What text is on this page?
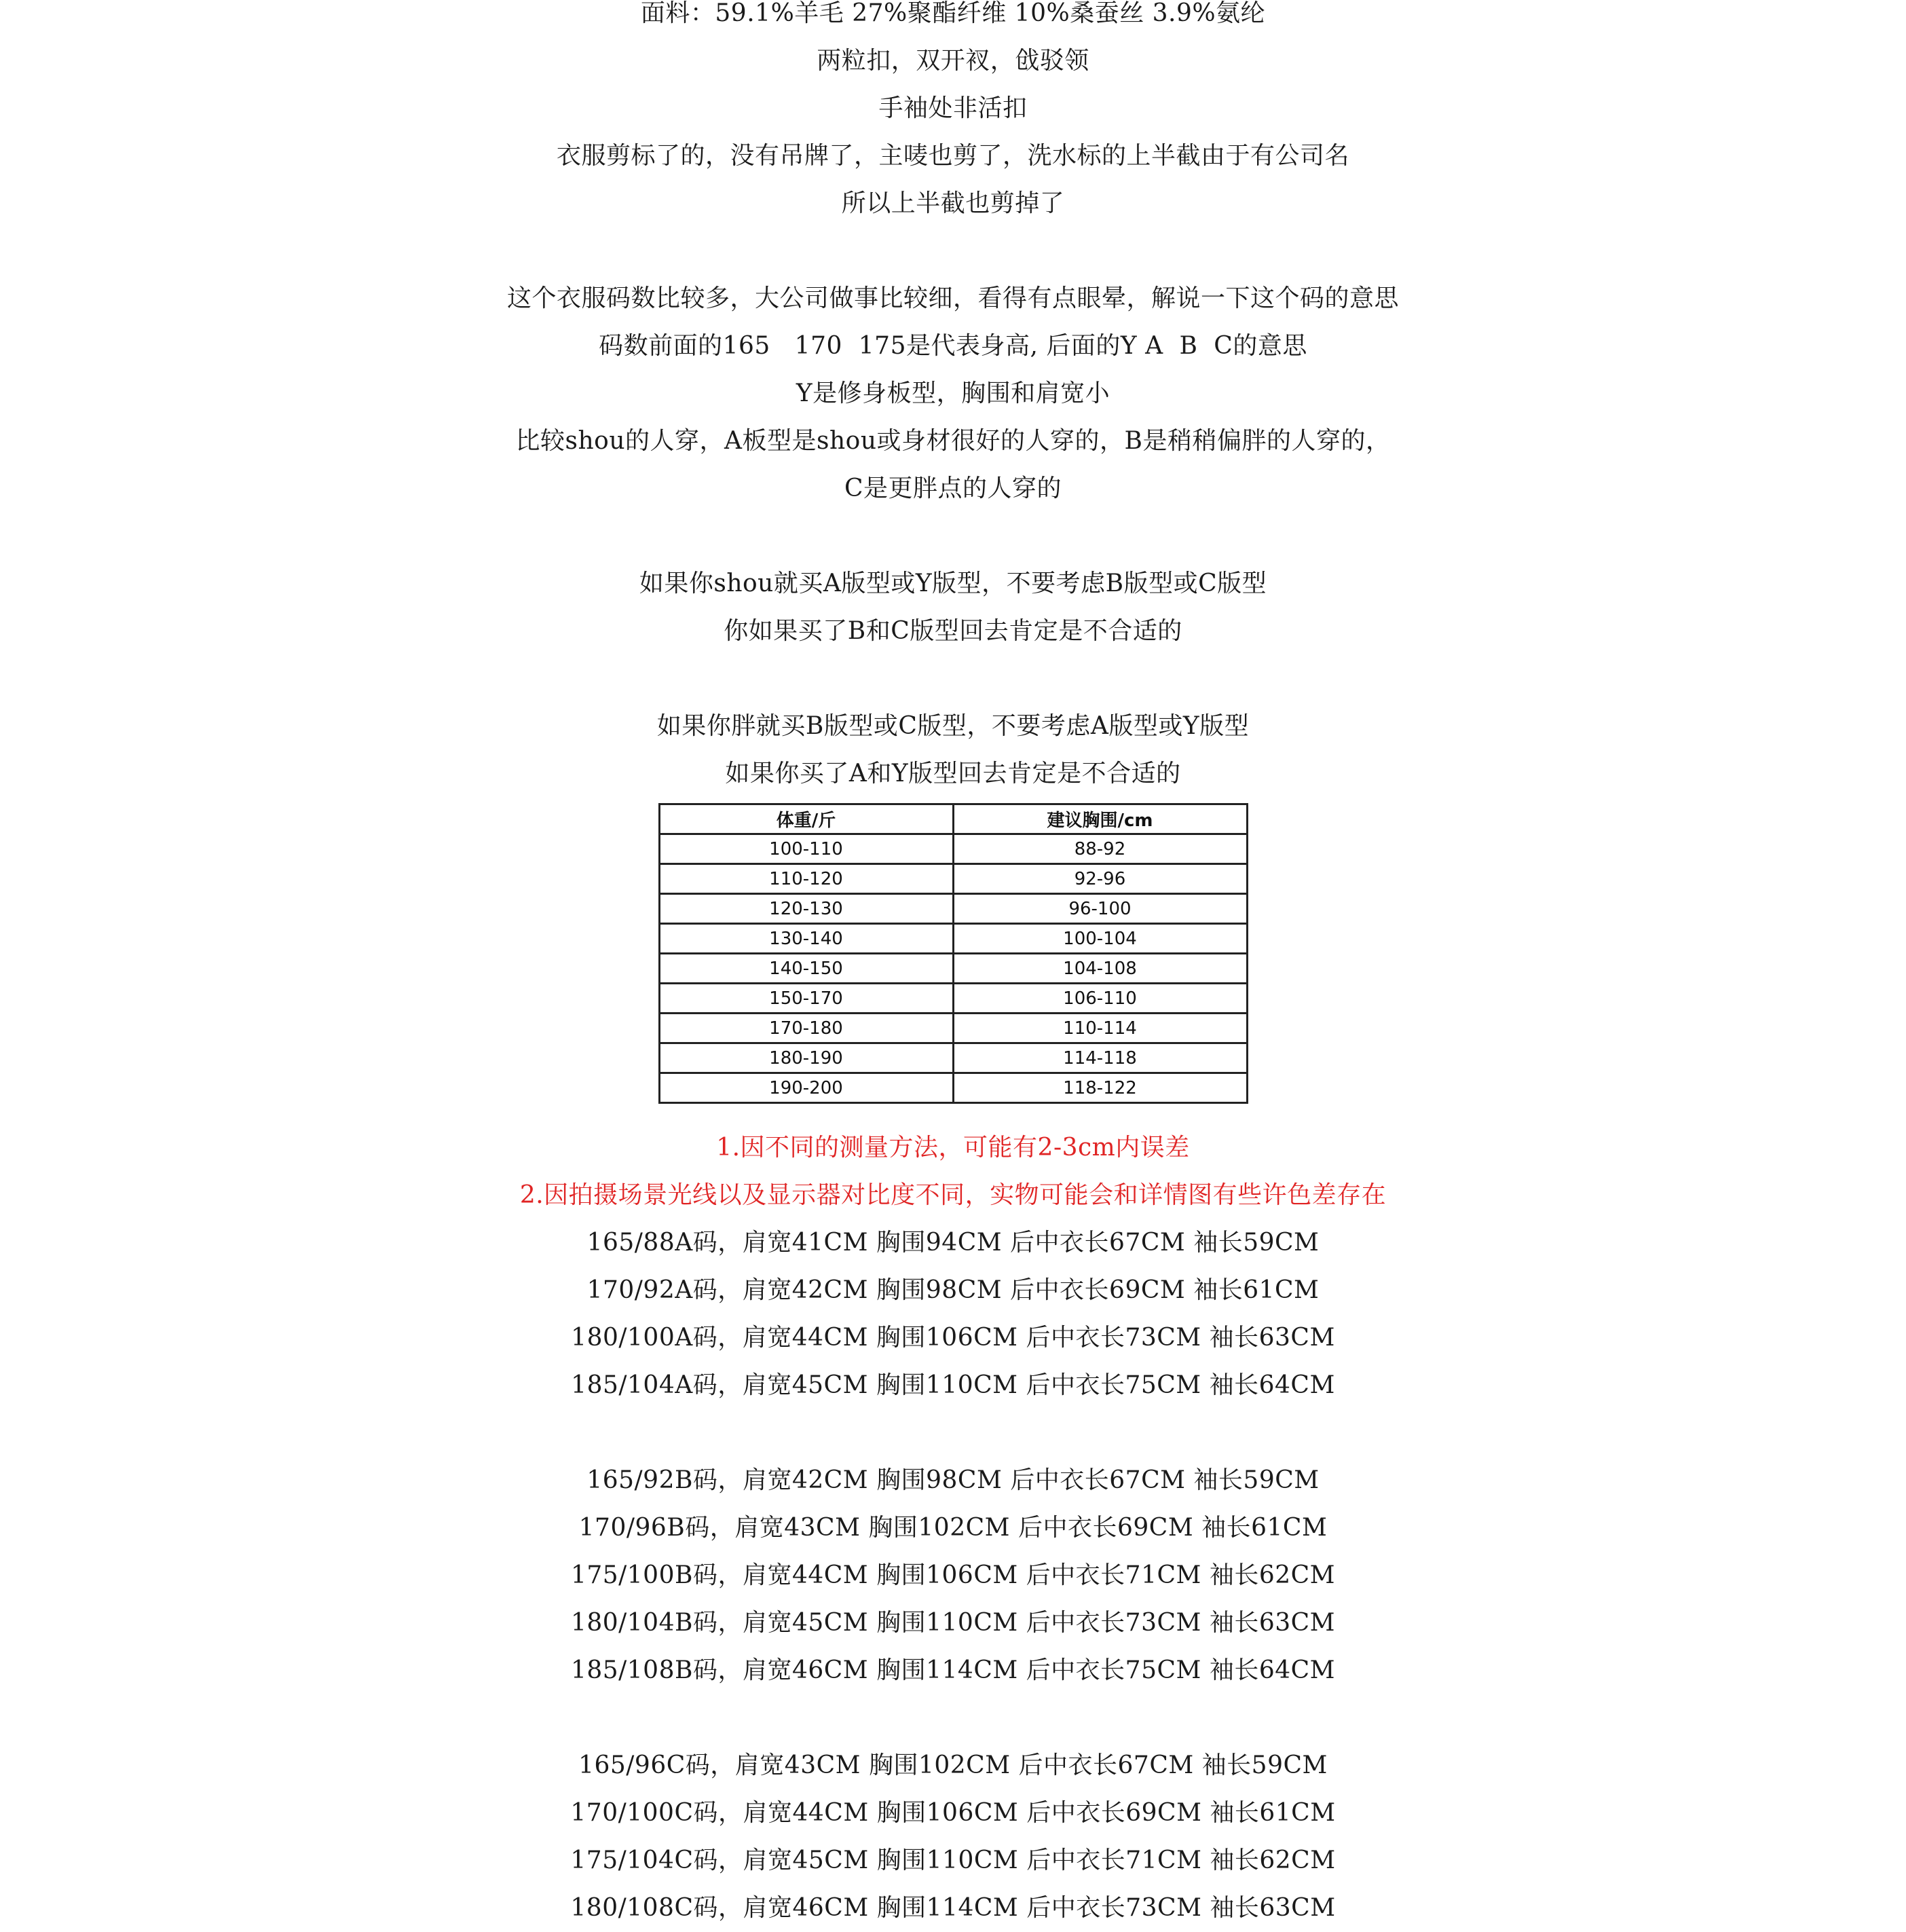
面料：59.1%羊毛 27%聚酯纤维 10%桑蚕丝 3.9%氨纶
两粒扣，双开衩，戗驳领
手袖处非活扣
衣服剪标了的，没有吊牌了，主唛也剪了，洗水标的上半截由于有公司名
所以上半截也剪掉了
这个衣服码数比较多，大公司做事比较细，看得有点眼晕，解说一下这个码的意思
码数前面的165   170  175是代表身高, 后面的Y A  B  C的意思
Y是修身板型，胸围和肩宽小
比较shou的人穿，A板型是shou或身材很好的人穿的，B是稍稍偏胖的人穿的，
C是更胖点的人穿的
如果你shou就买A版型或Y版型，不要考虑B版型或C版型
你如果买了B和C版型回去肯定是不合适的
如果你胖就买B版型或C版型，不要考虑A版型或Y版型
如果你买了A和Y版型回去肯定是不合适的
体重/斤	建议胸围/cm
100-110	88-92
110-120	92-96
120-130	96-100
130-140	100-104
140-150	104-108
150-170	106-110
170-180	110-114
180-190	114-118
190-200	118-122
1.因不同的测量方法，可能有2-3cm内误差
2.因拍摄场景光线以及显示器对比度不同，实物可能会和详情图有些许色差存在
165/88A码，肩宽41CM 胸围94CM 后中衣长67CM 袖长59CM
170/92A码，肩宽42CM 胸围98CM 后中衣长69CM 袖长61CM
180/100A码，肩宽44CM 胸围106CM 后中衣长73CM 袖长63CM
185/104A码，肩宽45CM 胸围110CM 后中衣长75CM 袖长64CM
165/92B码，肩宽42CM 胸围98CM 后中衣长67CM 袖长59CM
170/96B码，肩宽43CM 胸围102CM 后中衣长69CM 袖长61CM
175/100B码，肩宽44CM 胸围106CM 后中衣长71CM 袖长62CM
180/104B码，肩宽45CM 胸围110CM 后中衣长73CM 袖长63CM
185/108B码，肩宽46CM 胸围114CM 后中衣长75CM 袖长64CM
165/96C码，肩宽43CM 胸围102CM 后中衣长67CM 袖长59CM
170/100C码，肩宽44CM 胸围106CM 后中衣长69CM 袖长61CM
175/104C码，肩宽45CM 胸围110CM 后中衣长71CM 袖长62CM
180/108C码，肩宽46CM 胸围114CM 后中衣长73CM 袖长63CM
